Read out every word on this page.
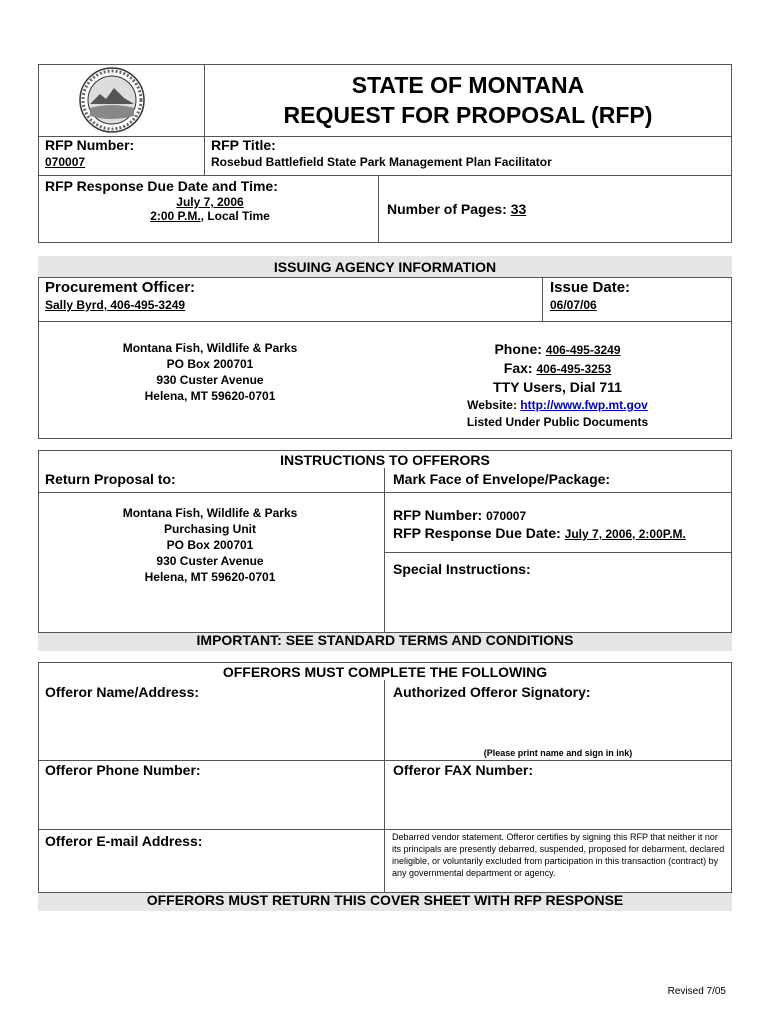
STATE OF MONTANA
REQUEST FOR PROPOSAL (RFP)
RFP Number:
070007
RFP Title:
Rosebud Battlefield State Park Management Plan Facilitator
RFP Response Due Date and Time:
July 7, 2006
2:00 P.M., Local Time	Number of Pages: 33
ISSUING AGENCY INFORMATION
Procurement Officer:
Sally Byrd, 406-495-3249
Issue Date:
06/07/06
Montana Fish, Wildlife & Parks
PO Box 200701
930 Custer Avenue
Helena, MT 59620-0701
Phone: 406-495-3249
Fax: 406-495-3253
TTY Users, Dial 711
Website: http://www.fwp.mt.gov
Listed Under Public Documents
INSTRUCTIONS TO OFFERORS
Return Proposal to:	Mark Face of Envelope/Package:
Montana Fish, Wildlife & Parks
Purchasing Unit
PO Box 200701
930 Custer Avenue
Helena, MT 59620-0701
RFP Number: 070007
RFP Response Due Date: July 7, 2006, 2:00P.M.
Special Instructions:
IMPORTANT: SEE STANDARD TERMS AND CONDITIONS
OFFERORS MUST COMPLETE THE FOLLOWING
Offeror Name/Address:	Authorized Offeror Signatory:
(Please print name and sign in ink)
Offeror Phone Number:	Offeror FAX Number:
Offeror E-mail Address:	Debarred vendor statement. Offeror certifies by signing this RFP that neither it nor its principals are presently debarred, suspended, proposed for debarment, declared ineligible, or voluntarily excluded from participation in this transaction (contract) by any governmental department or agency.
OFFERORS MUST RETURN THIS COVER SHEET WITH RFP RESPONSE
Revised 7/05
